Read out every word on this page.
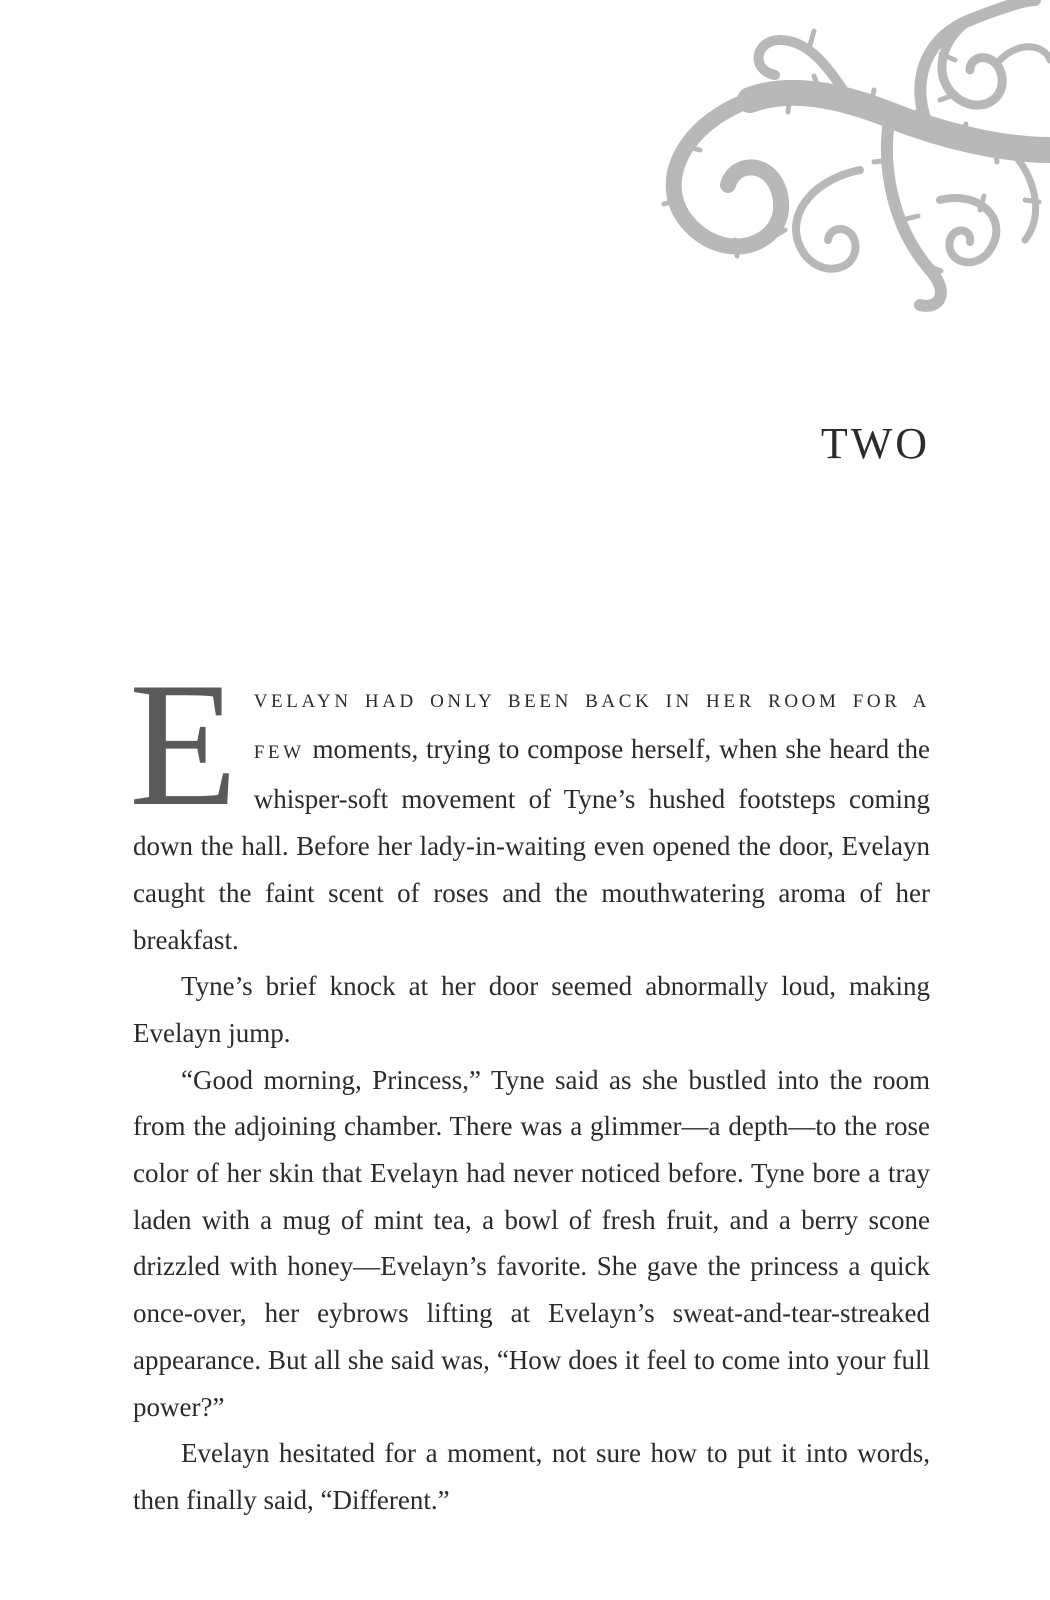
TWO

EVELAYN HAD ONLY BEEN BACK IN HER ROOM FOR A FEW moments, trying to compose herself, when she heard the whisper-soft movement of Tyne’s hushed footsteps coming down the hall. Before her lady-in-waiting even opened the door, Evelayn caught the faint scent of roses and the mouthwatering aroma of her breakfast.

Tyne’s brief knock at her door seemed abnormally loud, making Evelayn jump.

“Good morning, Princess,” Tyne said as she bustled into the room from the adjoining chamber. There was a glimmer—a depth—to the rose color of her skin that Evelayn had never noticed before. Tyne bore a tray laden with a mug of mint tea, a bowl of fresh fruit, and a berry scone drizzled with honey—Evelayn’s favorite. She gave the princess a quick once-over, her eybrows lifting at Evelayn’s sweat-and-tear-streaked appearance. But all she said was, “How does it feel to come into your full power?”

Evelayn hesitated for a moment, not sure how to put it into words, then finally said, “Different.”
